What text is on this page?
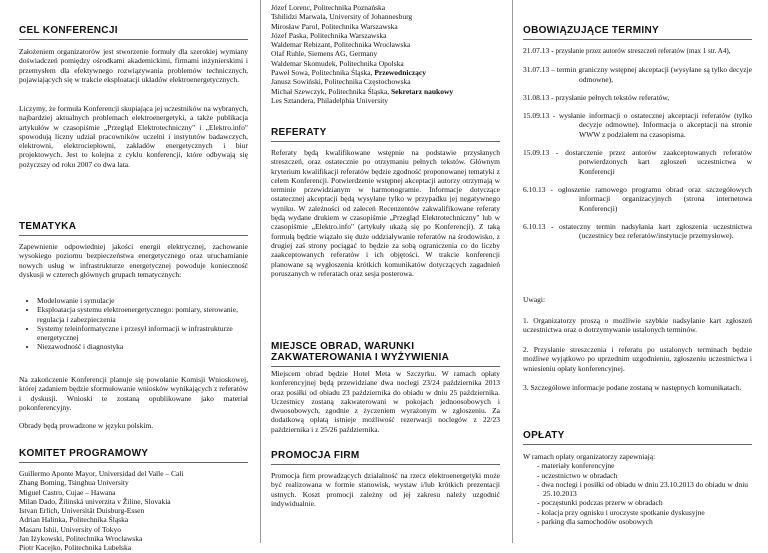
CEL KONFERENCJI

Założeniem organizatorów jest stworzenie formuły dla szerokiej wymiany doświadczeń pomiędzy ośrodkami akademickimi, firmami inżynierskimi i przemysłem dla efektywnego rozwiązywania problemów technicznych, pojawiających się w trakcie eksploatacji układów elektroenergetycznych.

Liczymy, że formuła Konferencji skupiająca jej uczestników na wybranych, najbardziej aktualnych problemach elektroenergetyki, a także publikacja artykułów w czasopiśmie „Przegląd Elektrotechniczny" i „Elektro.info" spowodują liczny udział pracowników uczelni i instytutów badawczych, elektrowni, elektrociepłowni, zakładów energetycznych i biur projektowych. Jest to kolejna z cyklu konferencji, które odbywają się pożyczszy od roku 2007 co dwa lata.

TEMATYKA

Zapewnienie odpowiedniej jakości energii elektrycznej, zachowanie wysokiego poziomu bezpieczeństwa energetycznego oraz uruchamianie nowych usług w infrastrukturze energetycznej powoduje konieczność dyskusji w czterech głównych grupach tematycznych:

• Modelowanie i symulacje
• Eksploatacja systemu elektroenergetycznego: pomiary, sterowanie, regulacja i zabezpieczenia
• Systemy teleinformatyczne i przesył informacji w infrastrukturze energetycznej
• Niezawodność i diagnostyka

Na zakończenie Konferencji planuje się powołanie Komisji Wnioskowej, której zadaniem będzie sformułowanie wniosków wynikających z referatów i dyskusji. Wnioski te zostaną opublikowane jako materiał pokonferencyjny.

Obrady będą prowadzone w języku polskim.

KOMITET PROGRAMOWY
Guillermo Aponte Mayor, Universidad del Valle – Cali
Zhang Boming, Tsinghua University
Miguel Castro, Cujae – Hawana
Milan Dado, Žilinská univerzita v Žiline, Slovakia
Istvan Erlich, Universität Duisburg-Essen
Adrian Halinka, Politechnika Śląska
Masaru Ishii, University of Tokyo
Jan Iżykowski, Politechnika Wrocławska
Piotr Kacejko, Politechnika Lubelska
Józef Lorenc, Politechnika Poznańska
Tshilidzi Marwala, University of Johannesburg
Mirosław Parol, Politechnika Warszawska
Józef Paska, Politechnika Warszawska
Waldemar Rebizant, Politechnika Wrocławska
Olaf Ruhle, Siemens AG, Germany
Waldemar Skomudek, Politechnika Opolska
Paweł Sowa, Politechnika Śląska, Przewodniczący
Janusz Sowiński, Politechnika Częstochowska
Michał Szewczyk, Politechnika Śląska, Sekretarz naukowy
Les Sztandera, Philadelphia University
REFERATY

Referaty będą kwalifikowane wstępnie na podstawie przysłanych streszczeń, oraz ostatecznie po otrzymaniu pełnych tekstów. Głównym kryterium kwalifikacji referatów będzie zgodność proponowanej tematyki z celem Konferencji. Potwierdzenie wstępnej akceptacji autorzy otrzymają w terminie przewidzianym w harmonogramie. Informacje dotyczące ostatecznej akceptacji będą wysyłane tylko w przypadku jej negatywnego wyniku. W zależności od zaleceń Recenzentów zakwalifikowane referaty będą wydane drukiem w czasopiśmie „Przegląd Elektrotechniczny" lub w czasopiśmie „Elektro.info" (artykuły ukażą się po Konferencji). Z taką formułą będzie wiązało się duże oddziaływanie referatów na środowisko, z drugiej zaś strony pociągać to będzie za sobą ograniczenia co do liczby zaakceptowanych referatów i ich objętości. W trakcie konferencji planowane są wygłoszenia krótkich komunikatów dotyczących zagadnień poruszanych w referatach oraz sesja posterowa.

MIEJSCE OBRAD, WARUNKI ZAKWATEROWANIA I WYŻYWIENIA

Miejscem obrad będzie Hotel Meta w Szczyrku. W ramach opłaty konferencyjnej będą przewidziane dwa noclegi 23/24 października 2013 oraz posiłki od obiadu 23 października do obiadu w dniu 25 października. Uczestnicy zostaną zakwaterowani w pokojach jednoosobowych i dwuosobowych, zgodnie z życzeniem wyrażonym w zgłoszeniu. Za dodatkową opłatą istnieje możliwość rezerwacji noclegów z 22/23 października i z 25/26 października.

PROMOCJA FIRM

Promocja firm prowadzących działalność na rzecz elektroenergetyki może być realizowana w formie stanowisk, wystaw i/lub krótkich prezentacji ustnych. Koszt promocji zależny od jej zakresu należy uzgodnić indywidualnie.

OBOWIĄZUJĄCE TERMINY
21.07.13 - przysłanie przez autorów streszczeń referatów (max 1 str. A4),
31.07.13 – termin graniczny wstępnej akceptacji (wysyłane są tylko decyzje odmowne),
31.08.13 - przysłanie pełnych tekstów referatów,
15.09.13 - wysłanie informacji o ostatecznej akceptacji referatów (tylko decyzje odmowne). Informacja o akceptacji na stronie WWW z podziałem na czasopisma.
15.09.13 - dostarczenie przez autorów zaakceptowanych referatów potwierdzonych kart zgłoszeń uczestnictwa w Konferencji
6.10.13 - ogłoszenie ramowego programu obrad oraz szczegółowych informacji organizacyjnych (strona internetowa Konferencji)
6.10.13 - ostateczny termin nadsyłania kart zgłoszenia uczestnictwa (uczestnicy bez referatów/instytucje przemysłowe).

Uwagi:

1. Organizatorzy proszą o możliwie szybkie nadsyłanie kart zgłoszeń uczestnictwa oraz o dotrzymywanie ustalonych terminów.

2. Przysłanie streszczenia i referatu po ustalonych terminach będzie możliwe wyjątkowo po uprzednim uzgodnieniu, zgłoszeniu uczestnictwa i wniesieniu opłaty konferencyjnej.

3. Szczegółowe informacje podane zostaną w następnych komunikatach.

OPŁATY
W ramach opłaty organizatorzy zapewniają:
- materiały konferencyjne
- uczestnictwo w obradach
- dwa noclegi i posiłki od obiadu w dniu 23.10.2013 do obiadu w dniu 25.10.2013
- poczęstunki podczas przerw w obradach
- kolacja przy ognisku i uroczyste spotkanie dyskusyjne
- parking dla samochodów osobowych
